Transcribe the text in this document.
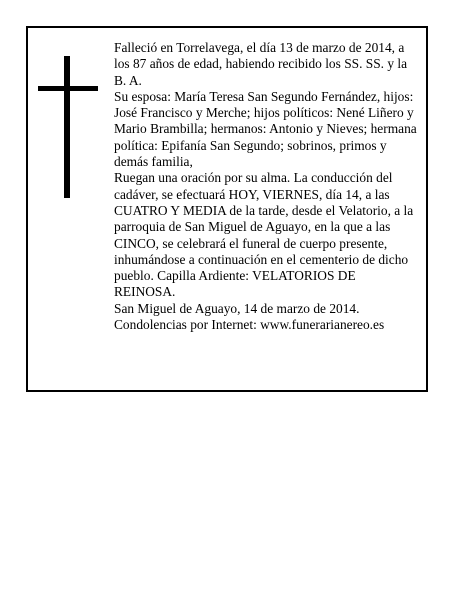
Falleció en Torrelavega, el día 13 de marzo de 2014, a los 87 años de edad, habiendo recibido los SS. SS. y la B. A.

Su esposa: María Teresa San Segundo Fernández, hijos: José Francisco y Merche; hijos políticos: Nené Liñero y Mario Brambilla; hermanos: Antonio y Nieves; hermana política: Epifanía San Segundo; sobrinos, primos y demás familia,

Ruegan una oración por su alma. La conducción del cadáver, se efectuará HOY, VIERNES, día 14, a las CUATRO Y MEDIA de la tarde, desde el Velatorio, a la parroquia de San Miguel de Aguayo, en la que a las CINCO, se celebrará el funeral de cuerpo presente, inhumándose a continuación en el cementerio de dicho pueblo. Capilla Ardiente: VELATORIOS DE REINOSA.

San Miguel de Aguayo, 14 de marzo de 2014.

Condolencias por Internet: www.funerarianereo.es
